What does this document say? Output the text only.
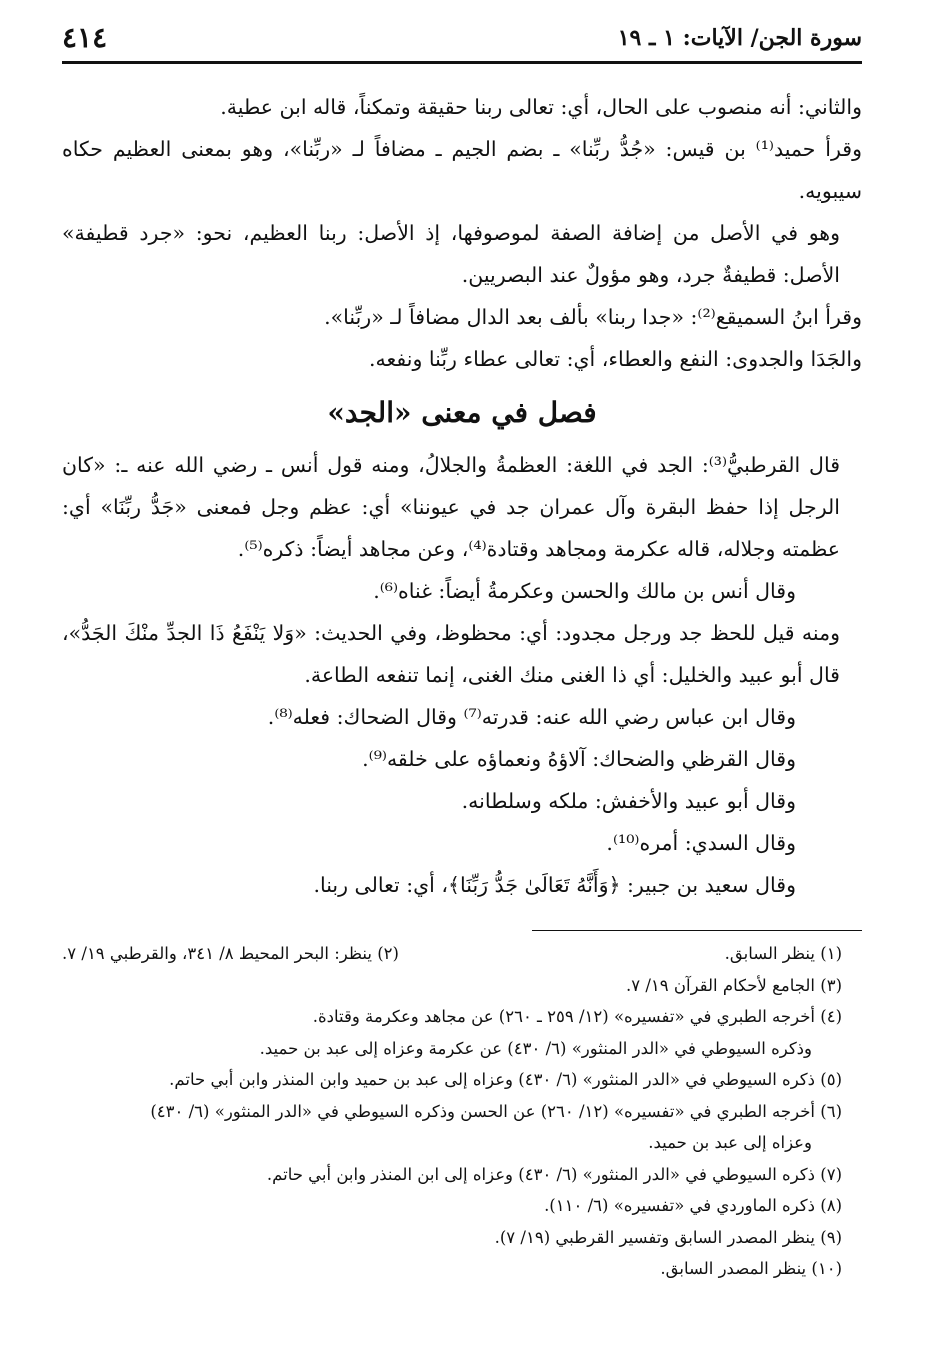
٤١٤	سورة الجن/ الآيات: ١ ـ ١٩

والثاني: أنه منصوب على الحال، أي: تعالى ربنا حقيقة وتمكناً، قاله ابن عطية.

وقرأ حميد⁽¹⁾ بن قيس: «جُدُّ ربِّنا» ـ بضم الجيم ـ مضافاً لـ «ربِّنا»، وهو بمعنى العظيم حكاه سيبويه.

وهو في الأصل من إضافة الصفة لموصوفها، إذ الأصل: ربنا العظيم، نحو: «جرد قطيفة» الأصل: قطيفةٌ جرد، وهو مؤولٌ عند البصريين.

وقرأ ابنُ السميقع⁽²⁾: «جدا ربنا» بألف بعد الدال مضافاً لـ «ربِّنا».

والجَدَا والجدوى: النفع والعطاء، أي: تعالى عطاء ربِّنا ونفعه.

فصل في معنى «الجد»

قال القرطبيُّ⁽³⁾: الجد في اللغة: العظمةُ والجلالُ، ومنه قول أنس ـ رضي الله عنه ـ: «كان الرجل إذا حفظ البقرة وآل عمران جد في عيوننا» أي: عظم وجل فمعنى «جَدُّ ربِّنَا» أي: عظمته وجلاله، قاله عكرمة ومجاهد وقتادة⁽⁴⁾، وعن مجاهد أيضاً: ذكره⁽⁵⁾.

وقال أنس بن مالك والحسن وعكرمةُ أيضاً: غناه⁽⁶⁾.

ومنه قيل للحظ جد ورجل مجدود: أي: محظوظ، وفي الحديث: «وَلا يَنْفَعُ ذَا الجدِّ منْكَ الجَدُّ»، قال أبو عبيد والخليل: أي ذا الغنى منك الغنى، إنما تنفعه الطاعة.

وقال ابن عباس رضي الله عنه: قدرته⁽⁷⁾ وقال الضحاك: فعله⁽⁸⁾.

وقال القرظي والضحاك: آلاؤهُ ونعماؤه على خلقه⁽⁹⁾.

وقال أبو عبيد والأخفش: ملكه وسلطانه.

وقال السدي: أمره⁽¹⁰⁾.

وقال سعيد بن جبير: ﴿وَأَنَّهُ تَعَالَىٰ جَدُّ رَبِّنَا﴾، أي: تعالى ربنا.

(١) ينظر السابق.
(٢) ينظر: البحر المحيط ٨/ ٣٤١، والقرطبي ١٩/ ٧.

(٣) الجامع لأحكام القرآن ١٩/ ٧.

(٤) أخرجه الطبري في «تفسيره» (١٢/ ٢٥٩ ـ ٢٦٠) عن مجاهد وعكرمة وقتادة.

وذكره السيوطي في «الدر المنثور» (٦/ ٤٣٠) عن عكرمة وعزاه إلى عبد بن حميد.

(٥) ذكره السيوطي في «الدر المنثور» (٦/ ٤٣٠) وعزاه إلى عبد بن حميد وابن المنذر وابن أبي حاتم.

(٦) أخرجه الطبري في «تفسيره» (١٢/ ٢٦٠) عن الحسن وذكره السيوطي في «الدر المنثور» (٦/ ٤٣٠)

وعزاه إلى عبد بن حميد.

(٧) ذكره السيوطي في «الدر المنثور» (٦/ ٤٣٠) وعزاه إلى ابن المنذر وابن أبي حاتم.

(٨) ذكره الماوردي في «تفسيره» (٦/ ١١٠).

(٩) ينظر المصدر السابق وتفسير القرطبي (١٩/ ٧).

(١٠) ينظر المصدر السابق.
